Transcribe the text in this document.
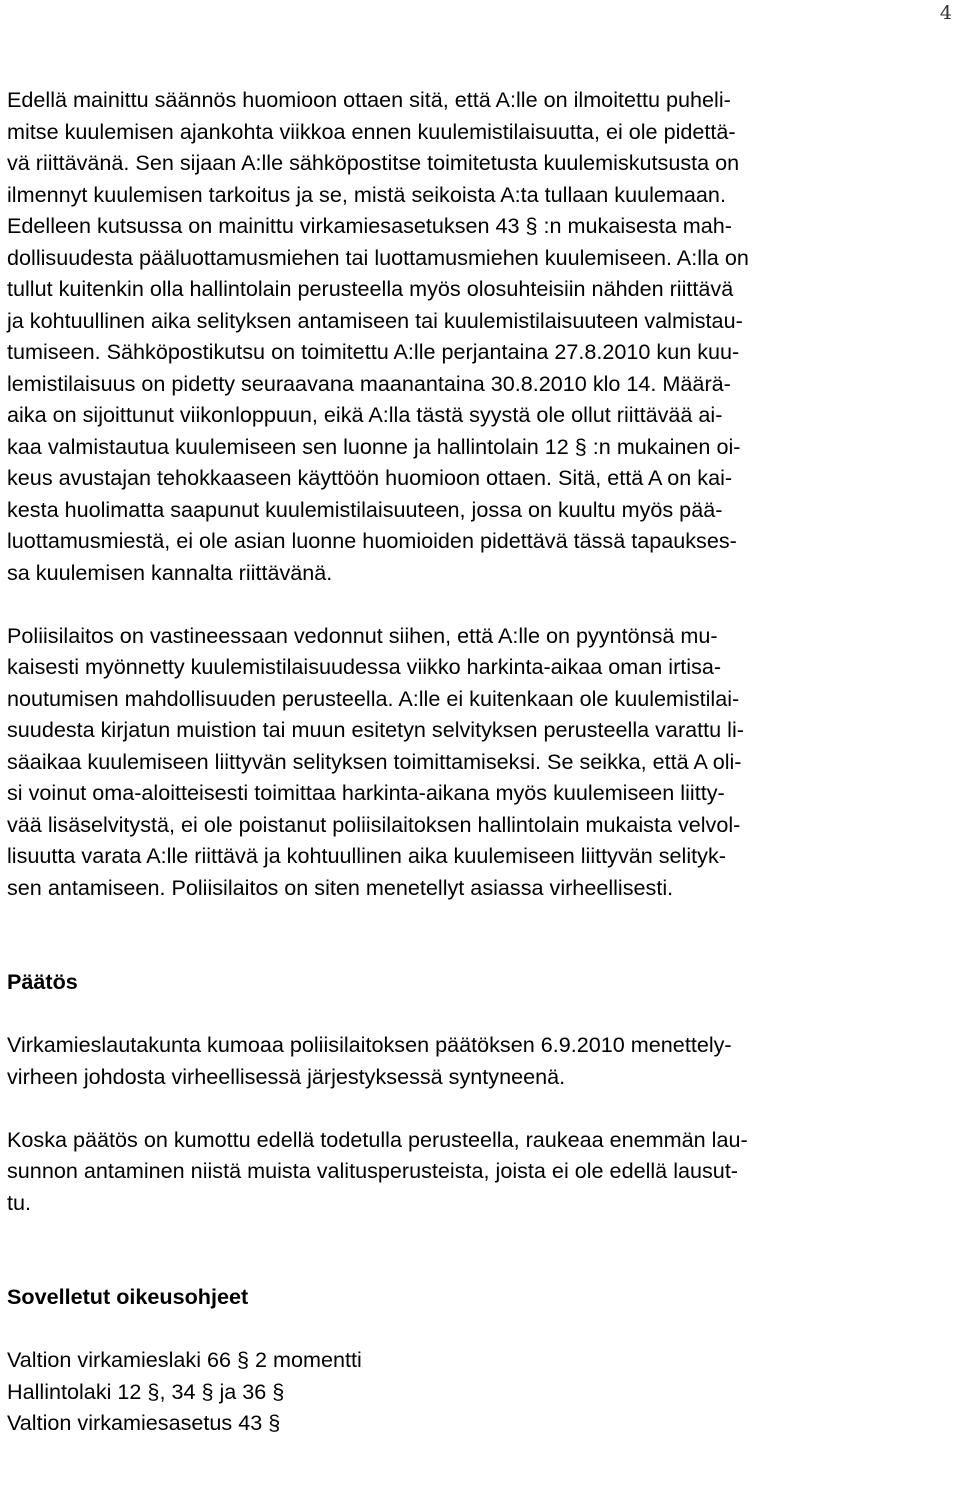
4
Edellä mainittu säännös huomioon ottaen sitä, että A:lle on ilmoitettu puheli-
mitse kuulemisen ajankohta viikkoa ennen kuulemistilaisuutta, ei ole pidettä-
vä riittävänä. Sen sijaan A:lle sähköpostitse toimitetusta kuulemiskutsusta on
ilmennyt kuulemisen tarkoitus ja se, mistä seikoista A:ta tullaan kuulemaan.
Edelleen kutsussa on mainittu virkamiesasetuksen 43 § :n mukaisesta mah-
dollisuudesta pääluottamusmiehen tai luottamusmiehen kuulemiseen. A:lla on
tullut kuitenkin olla hallintolain perusteella myös olosuhteisiin nähden riittävä
ja kohtuullinen aika selityksen antamiseen tai kuulemistilaisuuteen valmistau-
tumiseen. Sähköpostikutsu on toimitettu A:lle perjantaina 27.8.2010 kun kuu-
lemistilaisuus on pidetty seuraavana maanantaina 30.8.2010 klo 14. Määrä-
aika on sijoittunut viikonloppuun, eikä A:lla tästä syystä ole ollut riittävää ai-
kaa valmistautua kuulemiseen sen luonne ja hallintolain 12 § :n mukainen oi-
keus avustajan tehokkaaseen käyttöön huomioon ottaen. Sitä, että A on kai-
kesta huolimatta saapunut kuulemistilaisuuteen, jossa on kuultu myös pää-
luottamusmiestä, ei ole asian luonne huomioiden pidettävä tässä tapaukses-
sa kuulemisen kannalta riittävänä.
Poliisilaitos on vastineessaan vedonnut siihen, että A:lle on pyyntönsä mu-
kaisesti myönnetty kuulemistilaisuudessa viikko harkinta-aikaa oman irtisa-
noutumisen mahdollisuuden perusteella. A:lle ei kuitenkaan ole kuulemistilai-
suudesta kirjatun muistion tai muun esitetyn selvityksen perusteella varattu li-
säaikaa kuulemiseen liittyvän selityksen toimittamiseksi. Se seikka, että A oli-
si voinut oma-aloitteisesti toimittaa harkinta-aikana myös kuulemiseen liitty-
vää lisäselvitystä, ei ole poistanut poliisilaitoksen hallintolain mukaista velvol-
lisuutta varata A:lle riittävä ja kohtuullinen aika kuulemiseen liittyvän selityk-
sen antamiseen. Poliisilaitos on siten menetellyt asiassa virheellisesti.
Päätös
Virkamieslautakunta kumoaa poliisilaitoksen päätöksen 6.9.2010 menettely-
virheen johdosta virheellisessä järjestyksessä syntyneenä.
Koska päätös on kumottu edellä todetulla perusteella, raukeaa enemmän lau-
sunnon antaminen niistä muista valitusperusteista, joista ei ole edellä lausut-
tu.
Sovelletut oikeusohjeet
Valtion virkamieslaki 66 § 2 momentti
Hallintolaki 12 §, 34 § ja 36 §
Valtion virkamiesasetus 43 §
